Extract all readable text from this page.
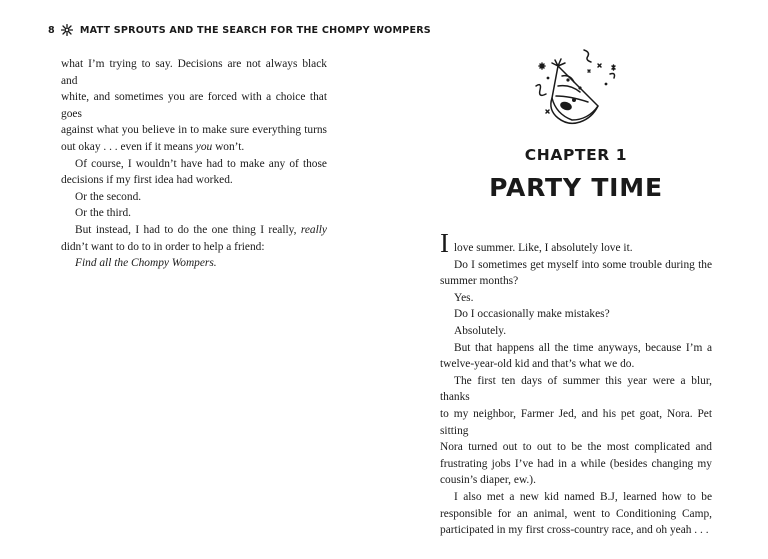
8	MATT SPROUTS AND THE SEARCH FOR THE CHOMPY WOMPERS

what I’m trying to say. Decisions are not always black and
white, and sometimes you are forced with a choice that goes
against what you believe in to make sure everything turns
out okay . . . even if it means you won’t.

Of course, I wouldn’t have had to make any of those
decisions if my first idea had worked.

Or the second.

Or the third.

But instead, I had to do the one thing I really, really
didn’t want to do to in order to help a friend:

Find all the Chompy Wompers.

CHAPTER 1
PARTY TIME

I love summer. Like, I absolutely love it.

Do I sometimes get myself into some trouble during the
summer months?

Yes.

Do I occasionally make mistakes?

Absolutely.

But that happens all the time anyways, because I’m a
twelve-year-old kid and that’s what we do.

The first ten days of summer this year were a blur, thanks
to my neighbor, Farmer Jed, and his pet goat, Nora. Pet sitting
Nora turned out to out to be the most complicated and
frustrating jobs I’ve had in a while (besides changing my
cousin’s diaper, ew.).

I also met a new kid named B.J, learned how to be
responsible for an animal, went to Conditioning Camp,
participated in my first cross-country race, and oh yeah . . .
